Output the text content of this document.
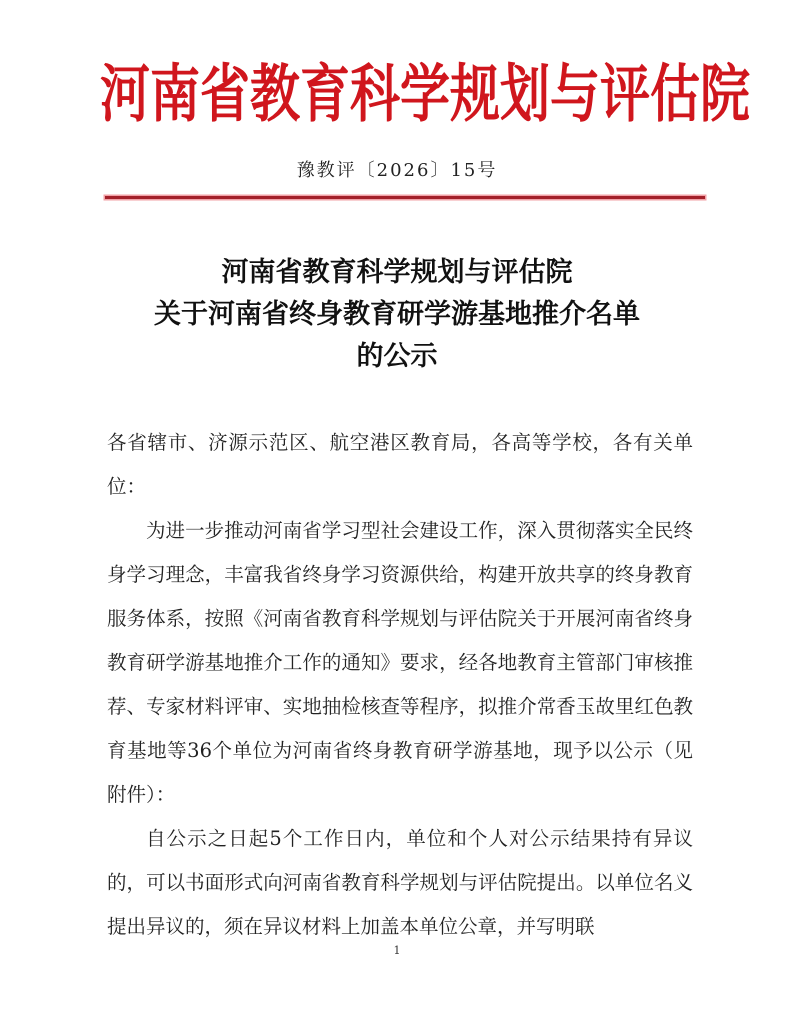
河 南 省 教 育 科 学 规 划 与 评 估 院
豫教评〔2026〕15号
河南省教育科学规划与评估院
关于河南省终身教育研学游基地推介名单
的公示

各省辖市、济源示范区、航空港区教育局，各高等学校，各有关单位：

为进一步推动河南省学习型社会建设工作，深入贯彻落实全民终身学习理念，丰富我省终身学习资源供给，构建开放共享的终身教育服务体系，按照《河南省教育科学规划与评估院关于开展河南省终身教育研学游基地推介工作的通知》要求，经各地教育主管部门审核推荐、专家材料评审、实地抽检核查等程序，拟推介常香玉故里红色教育基地等36个单位为河南省终身教育研学游基地，现予以公示（见附件）：

自公示之日起5个工作日内，单位和个人对公示结果持有异议的，可以书面形式向河南省教育科学规划与评估院提出。以单位名义提出异议的，须在异议材料上加盖本单位公章，并写明联

1
